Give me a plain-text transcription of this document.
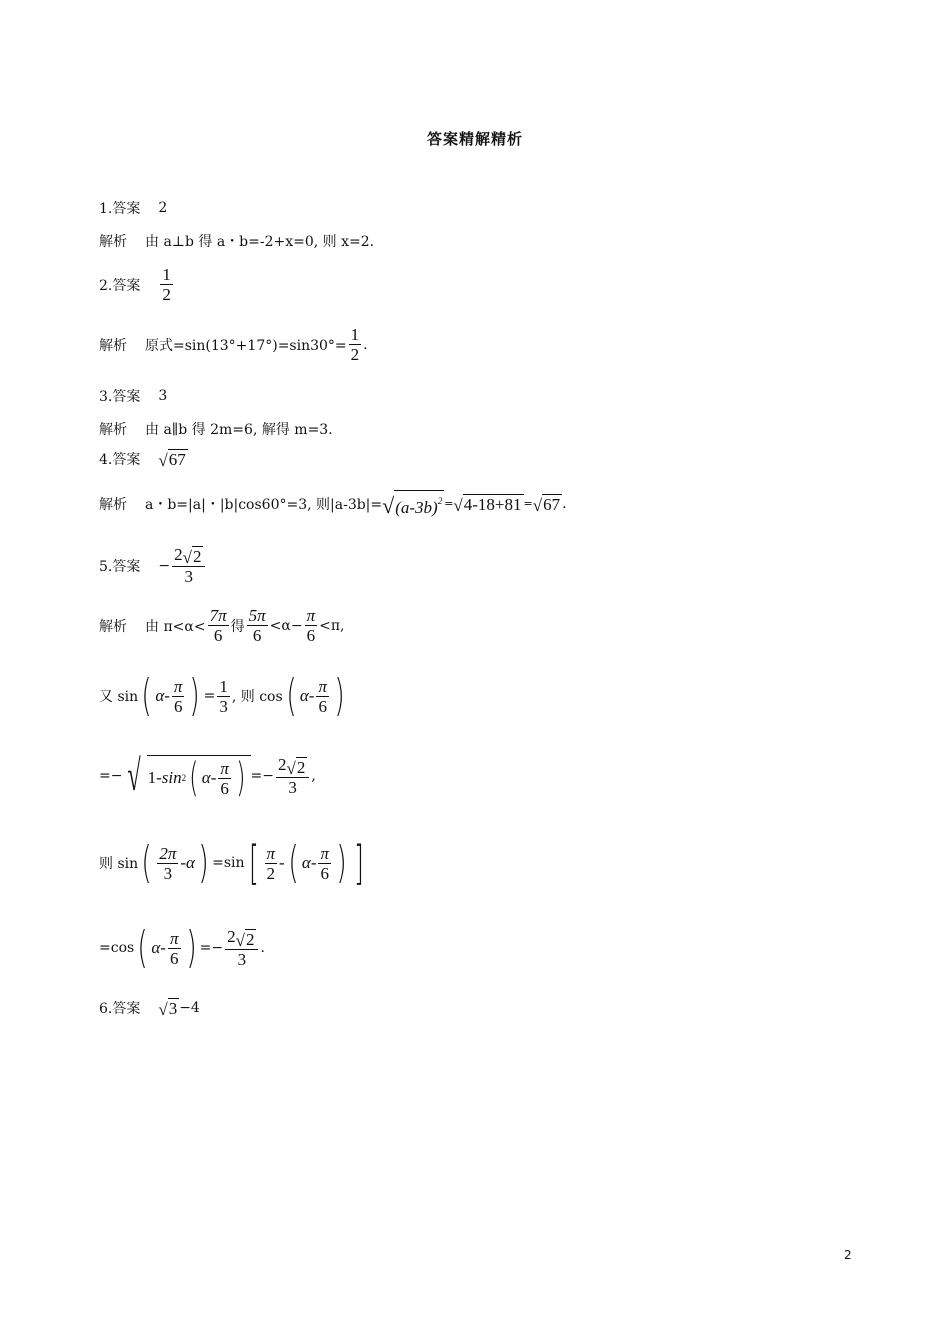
答案精解精析
1.答案 2
解析 由 a⊥b 得 a・b=-2+x=0, 则 x=2.
2.答案 $\frac{1}{2}$
解析 原式$=\sin(13^\circ+17^\circ)=\sin 30^\circ= \frac{1}{2}$ .
3.答案 3
解析 由 a∥b 得 2m=6, 解得 m=3.
4.答案 √ 67
解析 a・b=|a|・|b|cos60°=3, 则|a-3b|= √ $(a-3b)^2$ = √ 4-18+81 = √ 67 .
5.答案 − $\frac{2 √ 2}{3}$
解析 由 $\pi<\alpha< \frac{7\pi}{6}$ 得 $\frac{5\pi}{6} <\alpha- \frac{\pi}{6} <\pi$,
又 sin ( α - $\frac{\pi}{6}$ ) = $\frac{1}{3}$ , 则 cos ( α - $\frac{\pi}{6}$ )
=− √ 1- sin 2 ( α - $\frac{\pi}{6}$ ) =− $\frac{2 √ 2}{3}$ ,
则 sin ( $\frac{2\pi}{3}$ - α ) =sin [ $\frac{\pi}{2}$ - ( α - $\frac{\pi}{6}$ ) ]
=cos ( α - $\frac{\pi}{6}$ ) =− $\frac{2 √ 2}{3}$ .
6.答案 √ 3 −4
2
